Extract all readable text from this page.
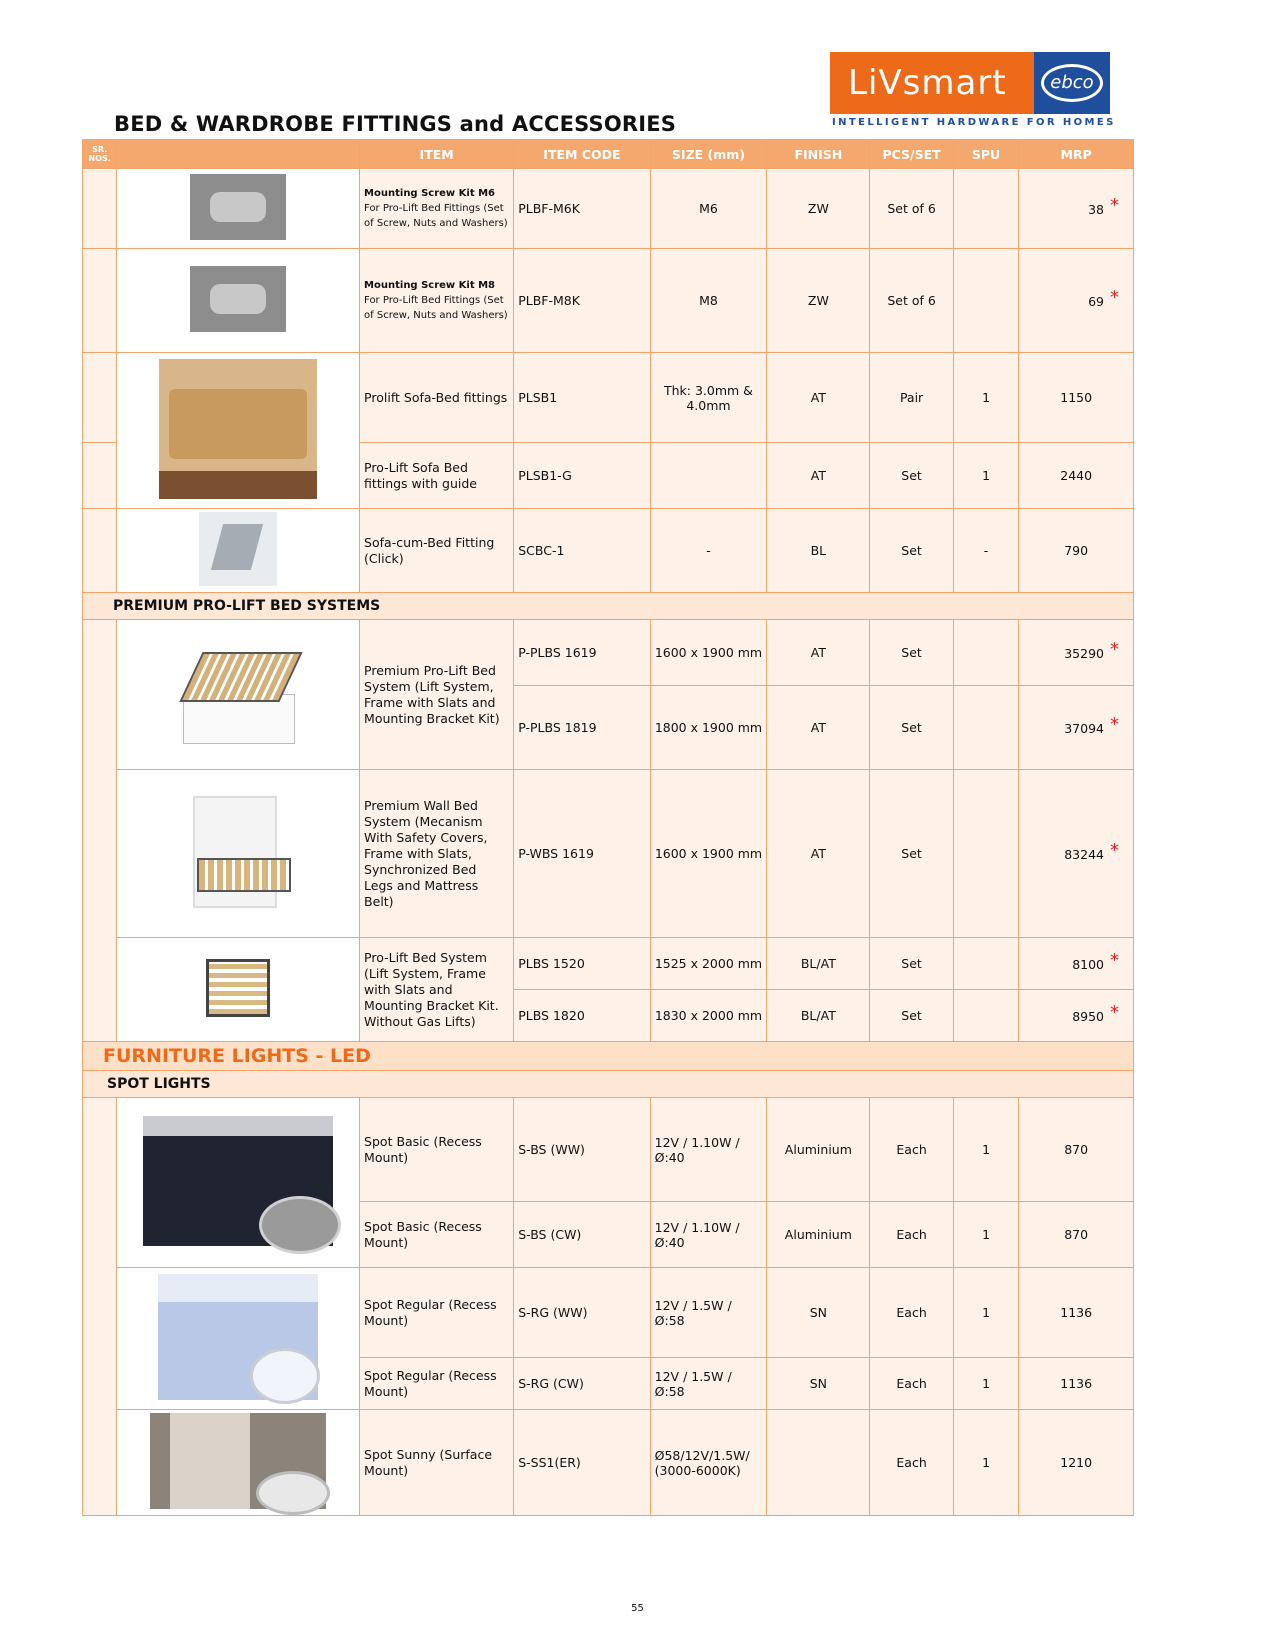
LiVsmart	ebco
INTELLIGENT HARDWARE FOR HOMES
BED & WARDROBE FITTINGS and ACCESSORIES
SR. NOS.		ITEM	ITEM CODE	SIZE (mm)	FINISH	PCS/SET	SPU	MRP
		Mounting Screw Kit M6 For Pro-Lift Bed Fittings (Set of Screw, Nuts and Washers)	PLBF-M6K	M6	ZW	Set of 6		38 *
		Mounting Screw Kit M8 For Pro-Lift Bed Fittings (Set of Screw, Nuts and Washers)	PLBF-M8K	M8	ZW	Set of 6		69 *
		Prolift Sofa-Bed fittings	PLSB1	Thk: 3.0mm & 4.0mm	AT	Pair	1	1150
		Pro-Lift Sofa Bed fittings with guide	PLSB1-G		AT	Set	1	2440
		Sofa-cum-Bed Fitting (Click)	SCBC-1	-	BL	Set	-	790
PREMIUM PRO-LIFT BED SYSTEMS								
		Premium Pro-Lift Bed System (Lift System, Frame with Slats and Mounting Bracket Kit)	P-PLBS 1619	1600 x 1900 mm	AT	Set		35290 *
			P-PLBS 1819	1800 x 1900 mm	AT	Set		37094 *
		Premium Wall Bed System (Mecanism With Safety Covers, Frame with Slats, Synchronized Bed Legs and Mattress Belt)	P-WBS 1619	1600 x 1900 mm	AT	Set		83244 *
		Pro-Lift Bed System (Lift System, Frame with Slats and Mounting Bracket Kit. Without Gas Lifts)	PLBS 1520	1525 x 2000 mm	BL/AT	Set		8100 *
			PLBS 1820	1830 x 2000 mm	BL/AT	Set		8950 *
FURNITURE LIGHTS - LED								
SPOT LIGHTS								
		Spot Basic (Recess Mount)	S-BS (WW)	12V / 1.10W / Ø:40	Aluminium	Each	1	870
		Spot Basic (Recess Mount)	S-BS (CW)	12V / 1.10W / Ø:40	Aluminium	Each	1	870
		Spot Regular (Recess Mount)	S-RG (WW)	12V / 1.5W / Ø:58	SN	Each	1	1136
		Spot Regular (Recess Mount)	S-RG (CW)	12V / 1.5W / Ø:58	SN	Each	1	1136
		Spot Sunny (Surface Mount)	S-SS1(ER)	Ø58/12V/1.5W/ (3000-6000K)		Each	1	1210
55
